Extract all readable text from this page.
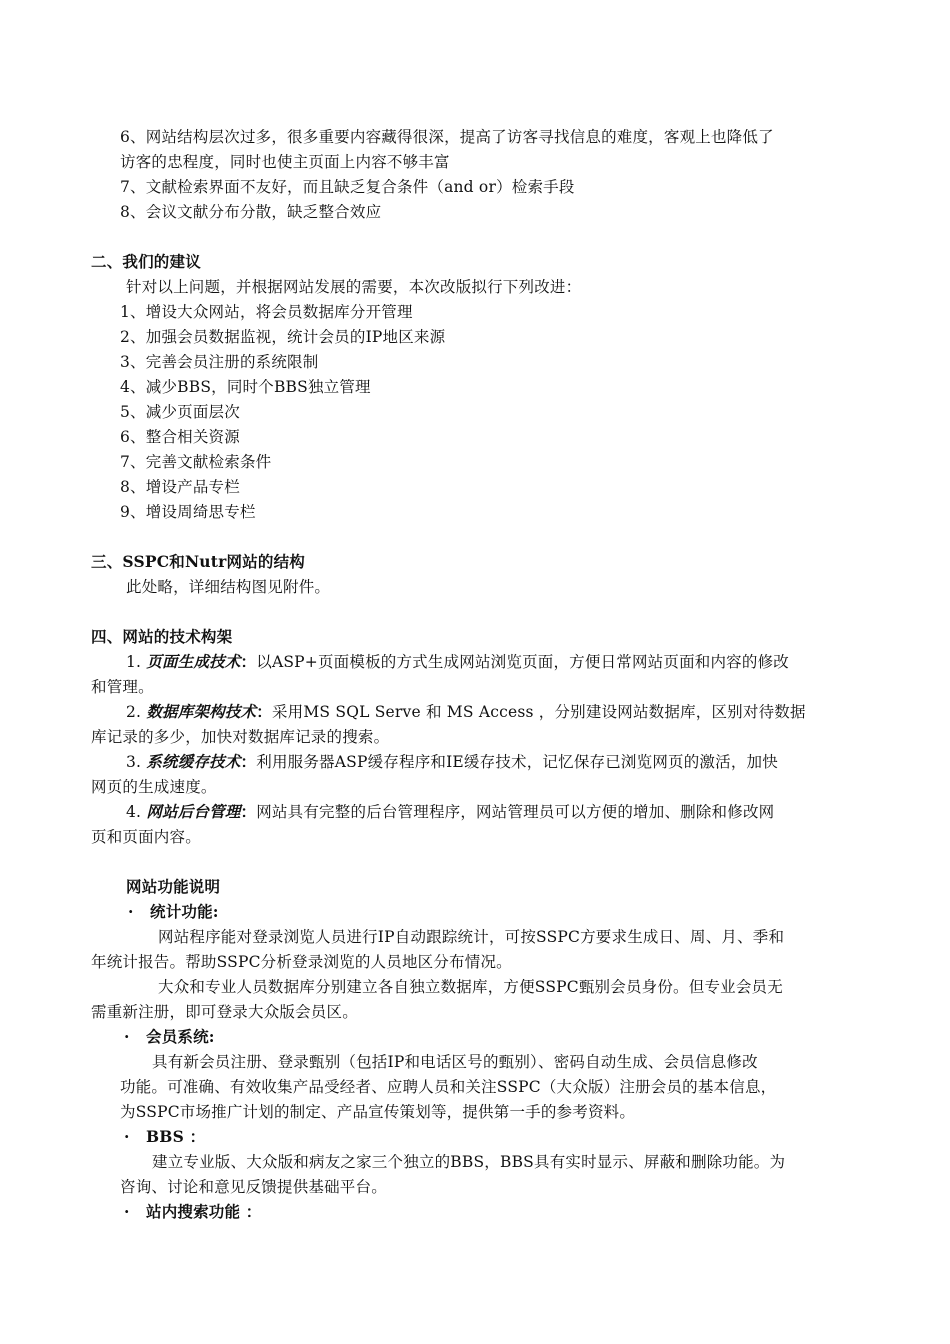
6、网站结构层次过多，很多重要内容藏得很深，提高了访客寻找信息的难度，客观上也降低了
访客的忠程度，同时也使主页面上内容不够丰富
7、文献检索界面不友好，而且缺乏复合条件（and or）检索手段
8、会议文献分布分散，缺乏整合效应
二、我们的建议
针对以上问题，并根据网站发展的需要，本次改版拟行下列改进：
1、增设大众网站，将会员数据库分开管理
2、加强会员数据监视，统计会员的IP地区来源
3、完善会员注册的系统限制
4、减少BBS，同时个BBS独立管理
5、减少页面层次
6、整合相关资源
7、完善文献检索条件
8、增设产品专栏
9、增设周绮思专栏
三、SSPC和Nutr网站的结构
此处略，详细结构图见附件。
四、网站的技术构架
1. 页面生成技术：以ASP+页面模板的方式生成网站浏览页面，方便日常网站页面和内容的修改
和管理。
2. 数据库架构技术：采用MS SQL Serve 和 MS Access ，分别建设网站数据库，区别对待数据
库记录的多少，加快对数据库记录的搜索。
3. 系统缓存技术：利用服务器ASP缓存程序和IE缓存技术，记忆保存已浏览网页的激活，加快
网页的生成速度。
4. 网站后台管理：网站具有完整的后台管理程序，网站管理员可以方便的增加、删除和修改网
页和页面内容。
网站功能说明
· 统计功能:
网站程序能对登录浏览人员进行IP自动跟踪统计，可按SSPC方要求生成日、周、月、季和
年统计报告。帮助SSPC分析登录浏览的人员地区分布情况。
大众和专业人员数据库分别建立各自独立数据库，方便SSPC甄别会员身份。但专业会员无
需重新注册，即可登录大众版会员区。
· 会员系统:
具有新会员注册、登录甄别（包括IP和电话区号的甄别）、密码自动生成、会员信息修改
功能。可准确、有效收集产品受经者、应聘人员和关注SSPC（大众版）注册会员的基本信息，
为SSPC市场推广计划的制定、产品宣传策划等，提供第一手的参考资料。
· BBS ：
建立专业版、大众版和病友之家三个独立的BBS，BBS具有实时显示、屏蔽和删除功能。为
咨询、讨论和意见反馈提供基础平台。
· 站内搜索功能 ：
